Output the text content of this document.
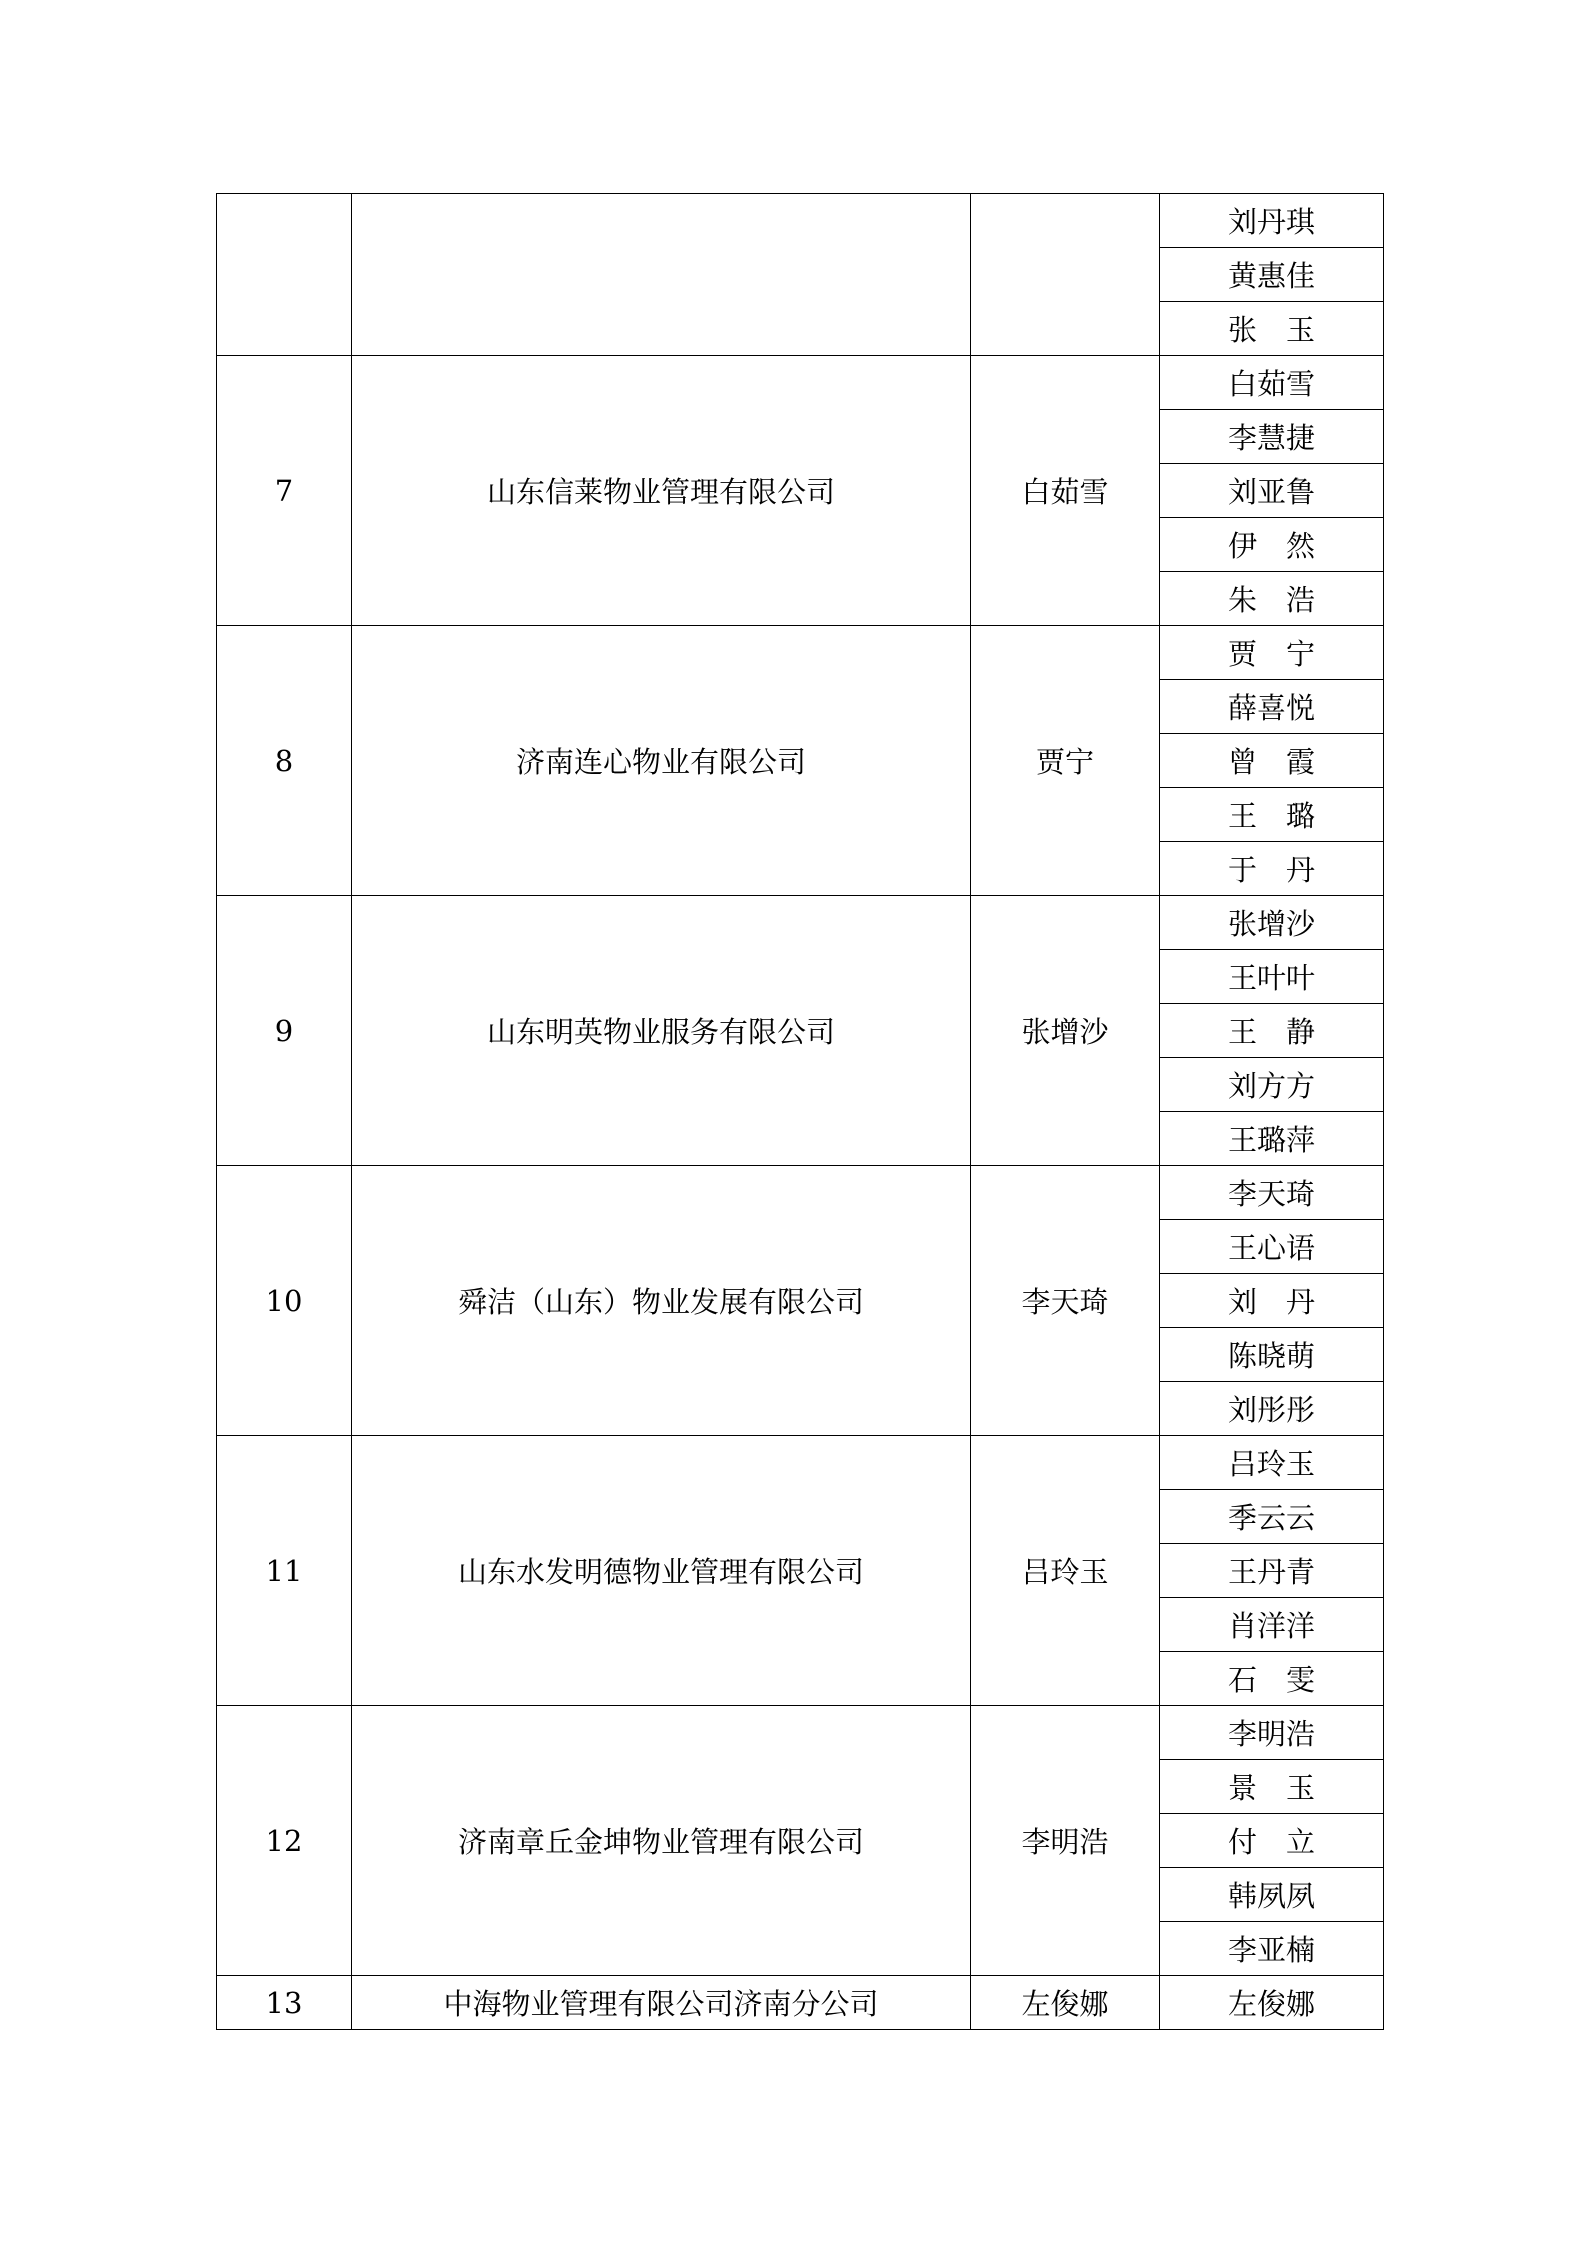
			刘丹琪
			黄惠佳
			张　玉
7	山东信莱物业管理有限公司	白茹雪	白茹雪
			李慧捷
			刘亚鲁
			伊　然
			朱　浩
8	济南连心物业有限公司	贾宁	贾　宁
			薛喜悦
			曾　霞
			王　璐
			于　丹
9	山东明英物业服务有限公司	张增沙	张增沙
			王叶叶
			王　静
			刘方方
			王璐萍
10	舜洁（山东）物业发展有限公司	李天琦	李天琦
			王心语
			刘　丹
			陈晓萌
			刘彤彤
11	山东水发明德物业管理有限公司	吕玲玉	吕玲玉
			季云云
			王丹青
			肖洋洋
			石　雯
12	济南章丘金坤物业管理有限公司	李明浩	李明浩
			景　玉
			付　立
			韩夙夙
			李亚楠
13	中海物业管理有限公司济南分公司	左俊娜	左俊娜
